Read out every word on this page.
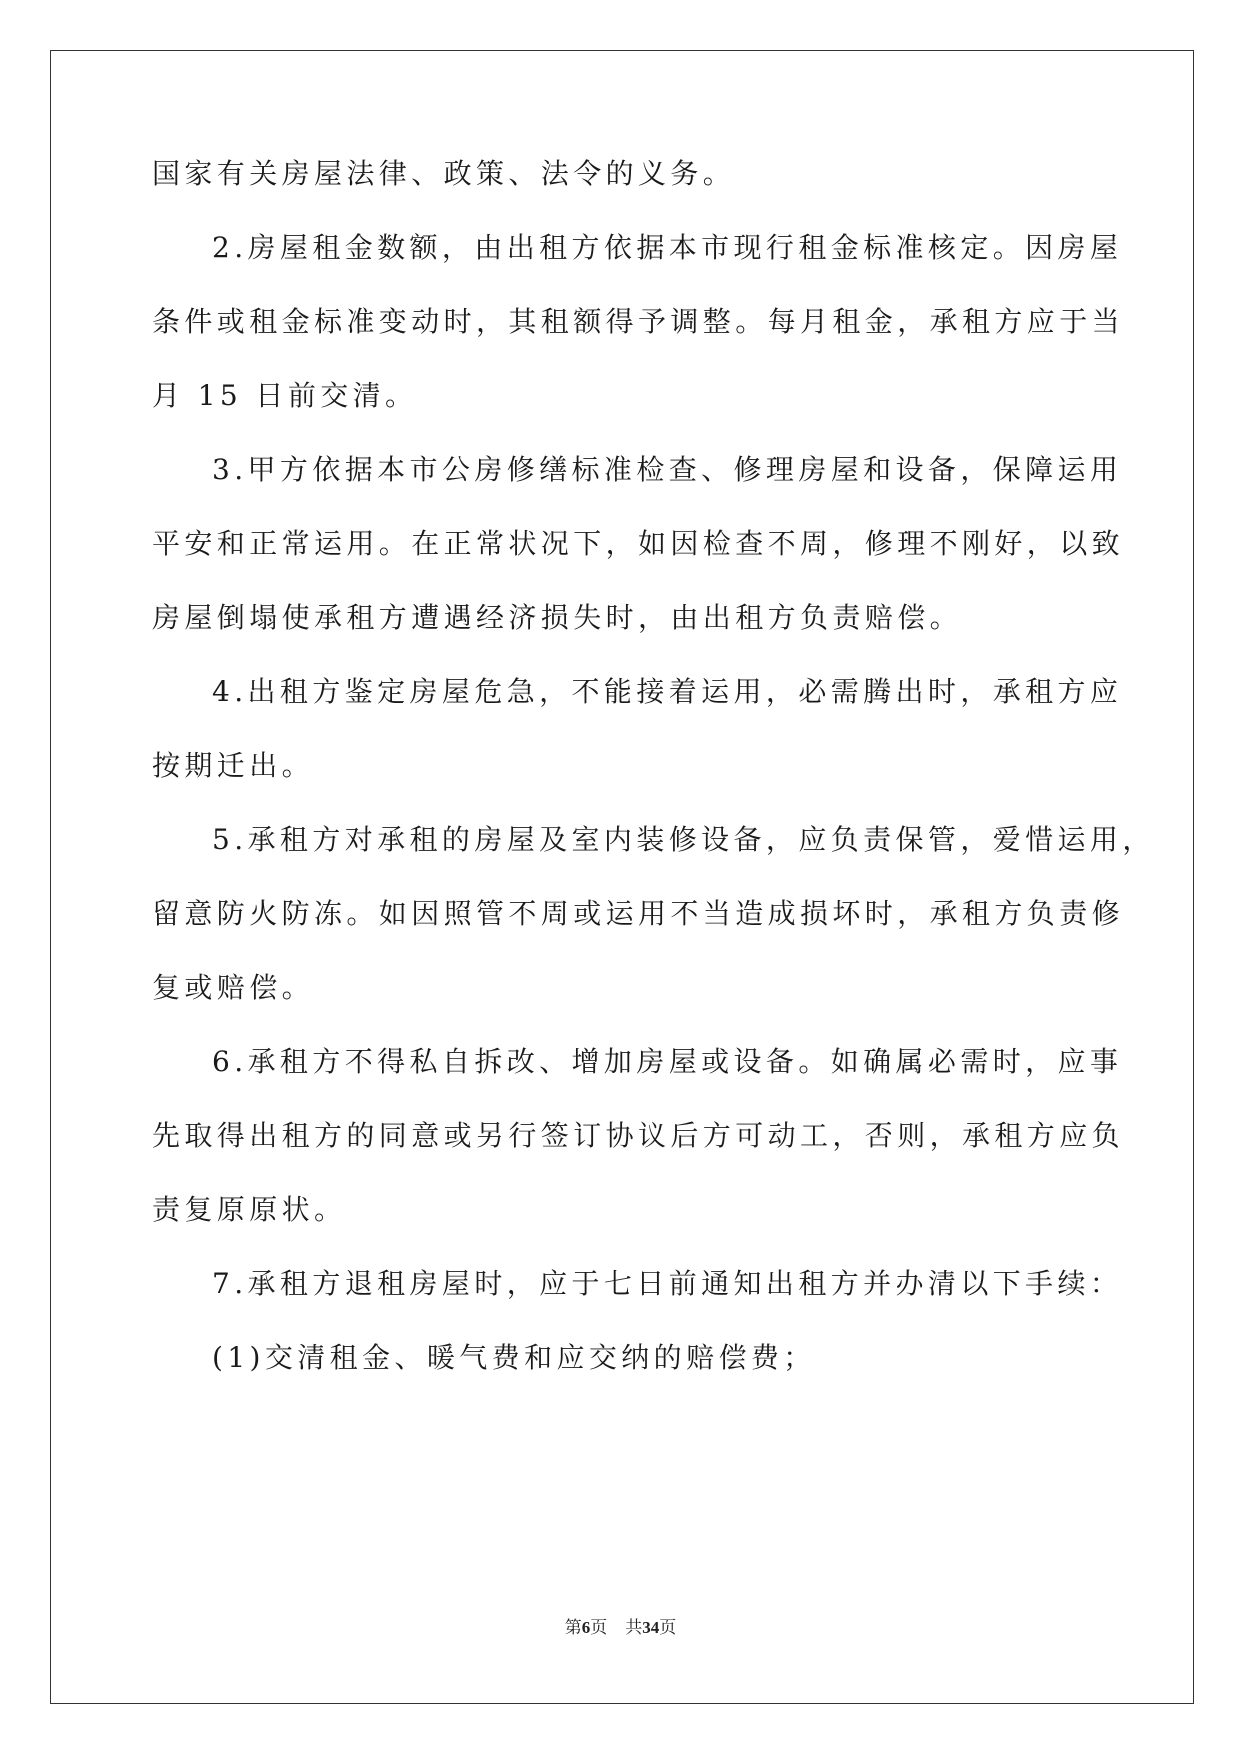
国家有关房屋法律、政策、法令的义务。
2.房屋租金数额，由出租方依据本市现行租金标准核定。因房屋
条件或租金标准变动时，其租额得予调整。每月租金，承租方应于当
月 15 日前交清。
3.甲方依据本市公房修缮标准检查、修理房屋和设备，保障运用
平安和正常运用。在正常状况下，如因检查不周，修理不刚好，以致
房屋倒塌使承租方遭遇经济损失时，由出租方负责赔偿。
4.出租方鉴定房屋危急，不能接着运用，必需腾出时，承租方应
按期迁出。
5.承租方对承租的房屋及室内装修设备，应负责保管，爱惜运用，
留意防火防冻。如因照管不周或运用不当造成损坏时，承租方负责修
复或赔偿。
6.承租方不得私自拆改、增加房屋或设备。如确属必需时，应事
先取得出租方的同意或另行签订协议后方可动工，否则，承租方应负
责复原原状。
7.承租方退租房屋时，应于七日前通知出租方并办清以下手续：
(1)交清租金、暖气费和应交纳的赔偿费；
第6页 共34页
